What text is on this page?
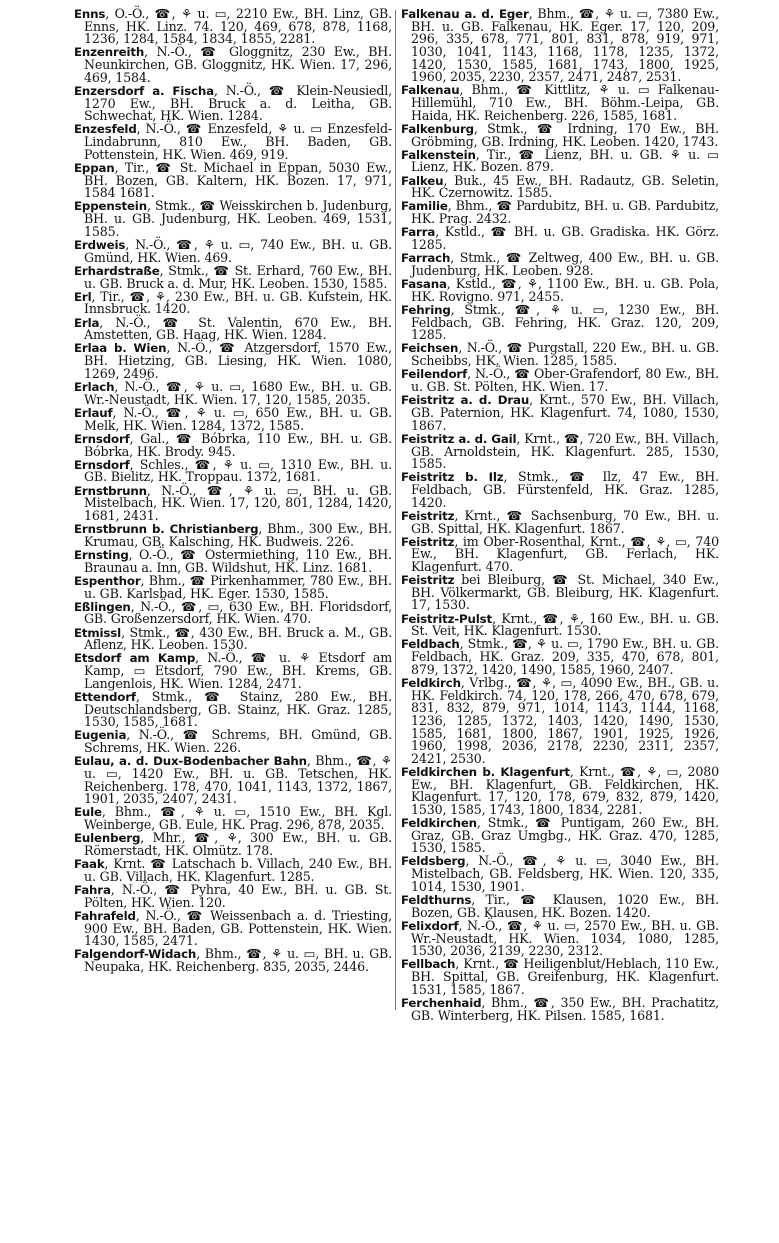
Enns, O.-Ö., ☎, ⚘ u. ▭, 2210 Ew., BH. Linz, GB. Enns, HK. Linz. 74. 120, 469, 678, 878, 1168, 1236, 1284, 1584, 1834, 1855, 2281.

Enzenreith, N.-Ö., ☎ Gloggnitz, 230 Ew., BH. Neunkirchen, GB. Gloggnitz, HK. Wien. 17, 296, 469, 1584.

Enzersdorf a. Fischa, N.-Ö., ☎ Klein-Neusiedl, 1270 Ew., BH. Bruck a. d. Leitha, GB. Schwechat, HK. Wien. 1284.

Enzesfeld, N.-Ö., ☎ Enzesfeld, ⚘ u. ▭ Enzesfeld-Lindabrunn, 810 Ew., BH. Baden, GB. Pottenstein, HK. Wien. 469, 919.

Eppan, Tir., ☎ St. Michael in Eppan, 5030 Ew., BH. Bozen, GB. Kaltern, HK. Bozen. 17, 971, 1584 1681.

Eppenstein, Stmk., ☎ Weisskirchen b. Judenburg, BH. u. GB. Judenburg, HK. Leoben. 469, 1531, 1585.

Erdweis, N.-Ö., ☎, ⚘ u. ▭, 740 Ew., BH. u. GB. Gmünd, HK. Wien. 469.

Erhardstraße, Stmk., ☎ St. Erhard, 760 Ew., BH. u. GB. Bruck a. d. Mur, HK. Leoben. 1530, 1585.

Erl, Tir., ☎, ⚘, 230 Ew., BH. u. GB. Kufstein, HK. Innsbruck. 1420.

Erla, N.-Ö., ☎ St. Valentin, 670 Ew., BH. Amstetten, GB. Haag, HK. Wien. 1284.

Erlaa b. Wien, N.-Ö., ☎ Atzgersdorf, 1570 Ew., BH. Hietzing, GB. Liesing, HK. Wien. 1080, 1269, 2496.

Erlach, N.-Ö., ☎, ⚘ u. ▭, 1680 Ew., BH. u. GB. Wr.-Neustadt, HK. Wien. 17, 120, 1585, 2035.

Erlauf, N.-Ö., ☎, ⚘ u. ▭, 650 Ew., BH. u. GB. Melk, HK. Wien. 1284, 1372, 1585.

Ernsdorf, Gal., ☎ Bóbrka, 110 Ew., BH. u. GB. Bóbrka, HK. Brody. 945.

Ernsdorf, Schles., ☎, ⚘ u. ▭, 1310 Ew., BH. u. GB. Bielitz, HK. Troppau. 1372, 1681.

Ernstbrunn, N.-Ö., ☎, ⚘ u. ▭, BH. u. GB. Mistelbach, HK. Wien. 17, 120, 801, 1284, 1420, 1681, 2431.

Ernstbrunn b. Christianberg, Bhm., 300 Ew., BH. Krumau, GB. Kalsching, HK. Budweis. 226.

Ernsting, O.-Ö., ☎ Ostermiething, 110 Ew., BH. Braunau a. Inn, GB. Wildshut, HK. Linz. 1681.

Espenthor, Bhm., ☎ Pirkenhammer, 780 Ew., BH. u. GB. Karlsbad, HK. Eger. 1530, 1585.

Eßlingen, N.-Ö., ☎, ▭, 630 Ew., BH. Floridsdorf, GB. Großenzersdorf, HK. Wien. 470.

Etmissl, Stmk., ☎, 430 Ew., BH. Bruck a. M., GB. Aflenz, HK. Leoben. 1530.

Etsdorf am Kamp, N.-Ö., ☎ u. ⚘ Etsdorf am Kamp, ▭ Etsdorf, 790 Ew., BH. Krems, GB. Langenlois, HK. Wien. 1284, 2471.

Ettendorf, Stmk., ☎ Stainz, 280 Ew., BH. Deutschlandsberg, GB. Stainz, HK. Graz. 1285, 1530, 1585, 1681.

Eugenia, N.-Ö., ☎ Schrems, BH. Gmünd, GB. Schrems, HK. Wien. 226.

Eulau, a. d. Dux-Bodenbacher Bahn, Bhm., ☎, ⚘ u. ▭, 1420 Ew., BH. u. GB. Tetschen, HK. Reichenberg. 178, 470, 1041, 1143, 1372, 1867, 1901, 2035, 2407, 2431.

Eule, Bhm., ☎, ⚘ u. ▭, 1510 Ew., BH. Kgl. Weinberge, GB. Eule, HK. Prag. 296, 878, 2035.

Eulenberg, Mhr., ☎, ⚘, 300 Ew., BH. u. GB. Römerstadt, HK. Olmütz. 178.

Faak, Krnt. ☎ Latschach b. Villach, 240 Ew., BH. u. GB. Villach, HK. Klagenfurt. 1285.

Fahra, N.-Ö., ☎ Pyhra, 40 Ew., BH. u. GB. St. Pölten, HK. Wien. 120.

Fahrafeld, N.-Ö., ☎ Weissenbach a. d. Triesting, 900 Ew., BH. Baden, GB. Pottenstein, HK. Wien. 1430, 1585, 2471.

Falgendorf-Widach, Bhm., ☎, ⚘ u. ▭, BH. u. GB. Neupaka, HK. Reichenberg. 835, 2035, 2446.

Falkenau a. d. Eger, Bhm., ☎, ⚘ u. ▭, 7380 Ew., BH. u. GB. Falkenau, HK. Eger. 17, 120, 209, 296, 335, 678, 771, 801, 831, 878, 919, 971, 1030, 1041, 1143, 1168, 1178, 1235, 1372, 1420, 1530, 1585, 1681, 1743, 1800, 1925, 1960, 2035, 2230, 2357, 2471, 2487, 2531.

Falkenau, Bhm., ☎ Kittlitz, ⚘ u. ▭ Falkenau-Hillemühl, 710 Ew., BH. Böhm.-Leipa, GB. Haida, HK. Reichenberg. 226, 1585, 1681.

Falkenburg, Stmk., ☎ Irdning, 170 Ew., BH. Gröbming, GB. Irdning, HK. Leoben. 1420, 1743.

Falkenstein, Tir., ☎ Lienz, BH. u. GB. ⚘ u. ▭ Lienz, HK. Bozen. 879.

Falkeu, Buk., 45 Ew., BH. Radautz, GB. Seletin, HK. Czernowitz. 1585.

Familie, Bhm., ☎ Pardubitz, BH. u. GB. Pardubitz, HK. Prag. 2432.

Farra, Kstld., ☎ BH. u. GB. Gradiska. HK. Görz. 1285.

Farrach, Stmk., ☎ Zeltweg, 400 Ew., BH. u. GB. Judenburg, HK. Leoben. 928.

Fasana, Kstld., ☎, ⚘, 1100 Ew., BH. u. GB. Pola, HK. Rovigno. 971, 2455.

Fehring, Stmk., ☎, ⚘ u. ▭, 1230 Ew., BH. Feldbach, GB. Fehring, HK. Graz. 120, 209, 1285.

Feichsen, N.-Ö., ☎ Purgstall, 220 Ew., BH. u. GB. Scheibbs, HK. Wien. 1285, 1585.

Feilendorf, N.-Ö., ☎ Ober-Grafendorf, 80 Ew., BH. u. GB. St. Pölten, HK. Wien. 17.

Feistritz a. d. Drau, Krnt., 570 Ew., BH. Villach, GB. Paternion, HK. Klagenfurt. 74, 1080, 1530, 1867.

Feistritz a. d. Gail, Krnt., ☎, 720 Ew., BH. Villach, GB. Arnoldstein, HK. Klagenfurt. 285, 1530, 1585.

Feistritz b. Ilz, Stmk., ☎ Ilz, 47 Ew., BH. Feldbach, GB. Fürstenfeld, HK. Graz. 1285, 1420.

Feistritz, Krnt., ☎ Sachsenburg, 70 Ew., BH. u. GB. Spittal, HK. Klagenfurt. 1867.

Feistritz, im Ober-Rosenthal, Krnt., ☎, ⚘, ▭, 740 Ew., BH. Klagenfurt, GB. Ferlach, HK. Klagenfurt. 470.

Feistritz bei Bleiburg, ☎ St. Michael, 340 Ew., BH. Völkermarkt, GB. Bleiburg, HK. Klagenfurt. 17, 1530.

Feistritz-Pulst, Krnt., ☎, ⚘, 160 Ew., BH. u. GB. St. Veit, HK. Klagenfurt. 1530.

Feldbach, Stmk., ☎, ⚘ u. ▭, 1790 Ew., BH. u. GB. Feldbach, HK. Graz. 209, 335, 470, 678, 801, 879, 1372, 1420, 1490, 1585, 1960, 2407.

Feldkirch, Vrlbg., ☎, ⚘, ▭, 4090 Ew., BH., GB. u. HK. Feldkirch. 74, 120, 178, 266, 470, 678, 679, 831, 832, 879, 971, 1014, 1143, 1144, 1168, 1236, 1285, 1372, 1403, 1420, 1490, 1530, 1585, 1681, 1800, 1867, 1901, 1925, 1926, 1960, 1998, 2036, 2178, 2230, 2311, 2357, 2421, 2530.

Feldkirchen b. Klagenfurt, Krnt., ☎, ⚘, ▭, 2080 Ew., BH. Klagenfurt, GB. Feldkirchen, HK. Klagenfurt. 17, 120, 178, 679, 832, 879, 1420, 1530, 1585, 1743, 1800, 1834, 2281.

Feldkirchen, Stmk., ☎ Puntigam, 260 Ew., BH. Graz, GB. Graz Umgbg., HK. Graz. 470, 1285, 1530, 1585.

Feldsberg, N.-Ö., ☎, ⚘ u. ▭, 3040 Ew., BH. Mistelbach, GB. Feldsberg, HK. Wien. 120, 335, 1014, 1530, 1901.

Feldthurns, Tir., ☎ Klausen, 1020 Ew., BH. Bozen, GB. Klausen, HK. Bozen. 1420.

Felixdorf, N.-Ö., ☎, ⚘ u. ▭, 2570 Ew., BH. u. GB. Wr.-Neustadt, HK. Wien. 1034, 1080, 1285, 1530, 2036, 2139, 2230, 2312.

Fellbach, Krnt., ☎ Heiligenblut/Heblach, 110 Ew., BH. Spittal, GB. Greifenburg, HK. Klagenfurt. 1531, 1585, 1867.

Ferchenhaid, Bhm., ☎, 350 Ew., BH. Prachatitz, GB. Winterberg, HK. Pilsen. 1585, 1681.
